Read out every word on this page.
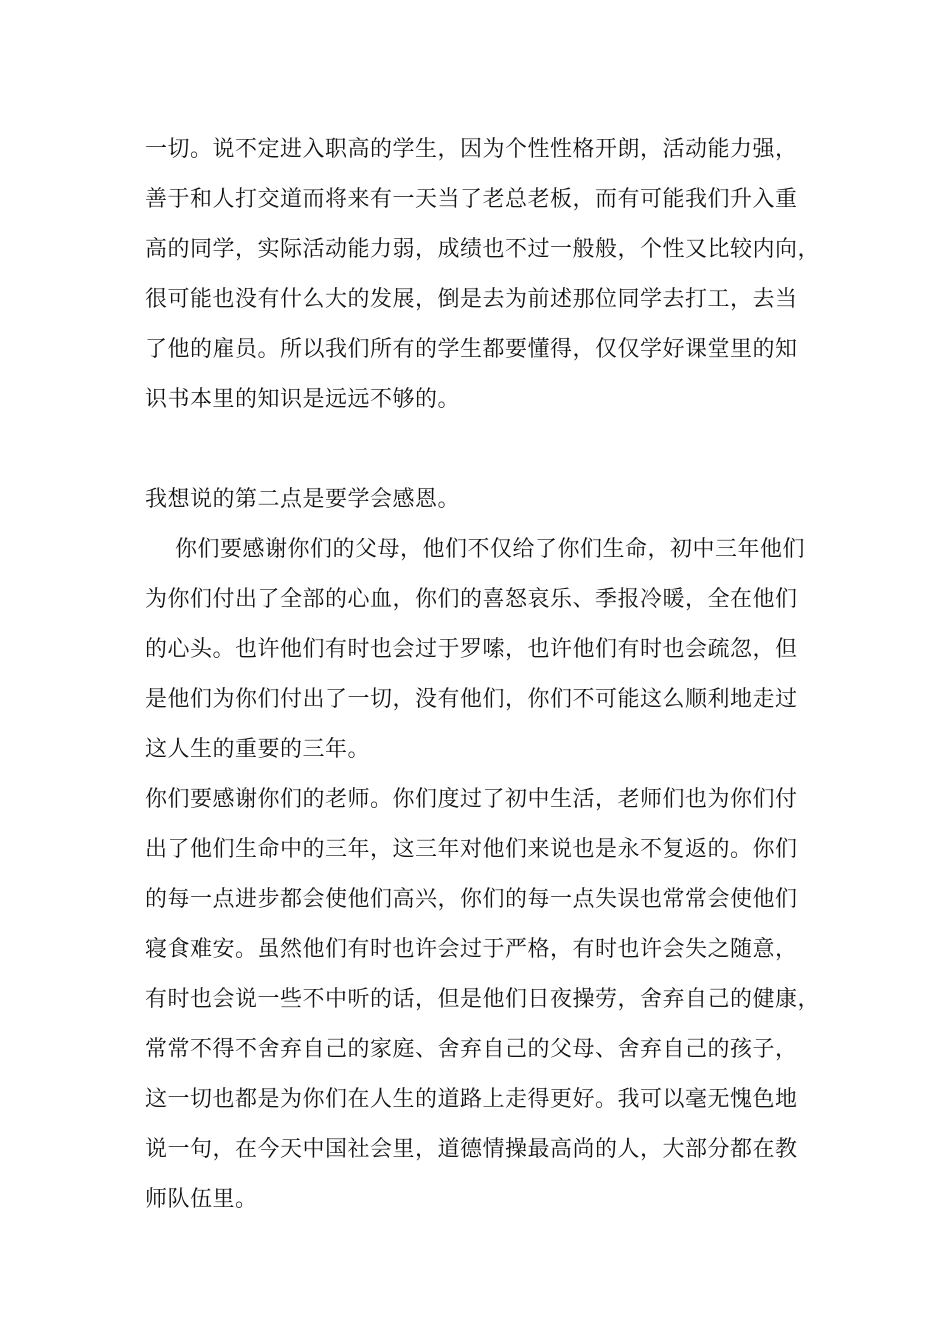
一切。说不定进入职高的学生，因为个性性格开朗，活动能力强，
善于和人打交道而将来有一天当了老总老板，而有可能我们升入重
高的同学，实际活动能力弱，成绩也不过一般般，个性又比较内向，
很可能也没有什么大的发展，倒是去为前述那位同学去打工，去当
了他的雇员。所以我们所有的学生都要懂得，仅仅学好课堂里的知
识书本里的知识是远远不够的。
我想说的第二点是要学会感恩。
你们要感谢你们的父母，他们不仅给了你们生命，初中三年他们
为你们付出了全部的心血，你们的喜怒哀乐、季报冷暖，全在他们
的心头。也许他们有时也会过于罗嗦，也许他们有时也会疏忽，但
是他们为你们付出了一切，没有他们，你们不可能这么顺利地走过
这人生的重要的三年。
你们要感谢你们的老师。你们度过了初中生活，老师们也为你们付
出了他们生命中的三年，这三年对他们来说也是永不复返的。你们
的每一点进步都会使他们高兴，你们的每一点失误也常常会使他们
寝食难安。虽然他们有时也许会过于严格，有时也许会失之随意，
有时也会说一些不中听的话，但是他们日夜操劳，舍弃自己的健康，
常常不得不舍弃自己的家庭、舍弃自己的父母、舍弃自己的孩子，
这一切也都是为你们在人生的道路上走得更好。我可以毫无愧色地
说一句，在今天中国社会里，道德情操最高尚的人，大部分都在教
师队伍里。
